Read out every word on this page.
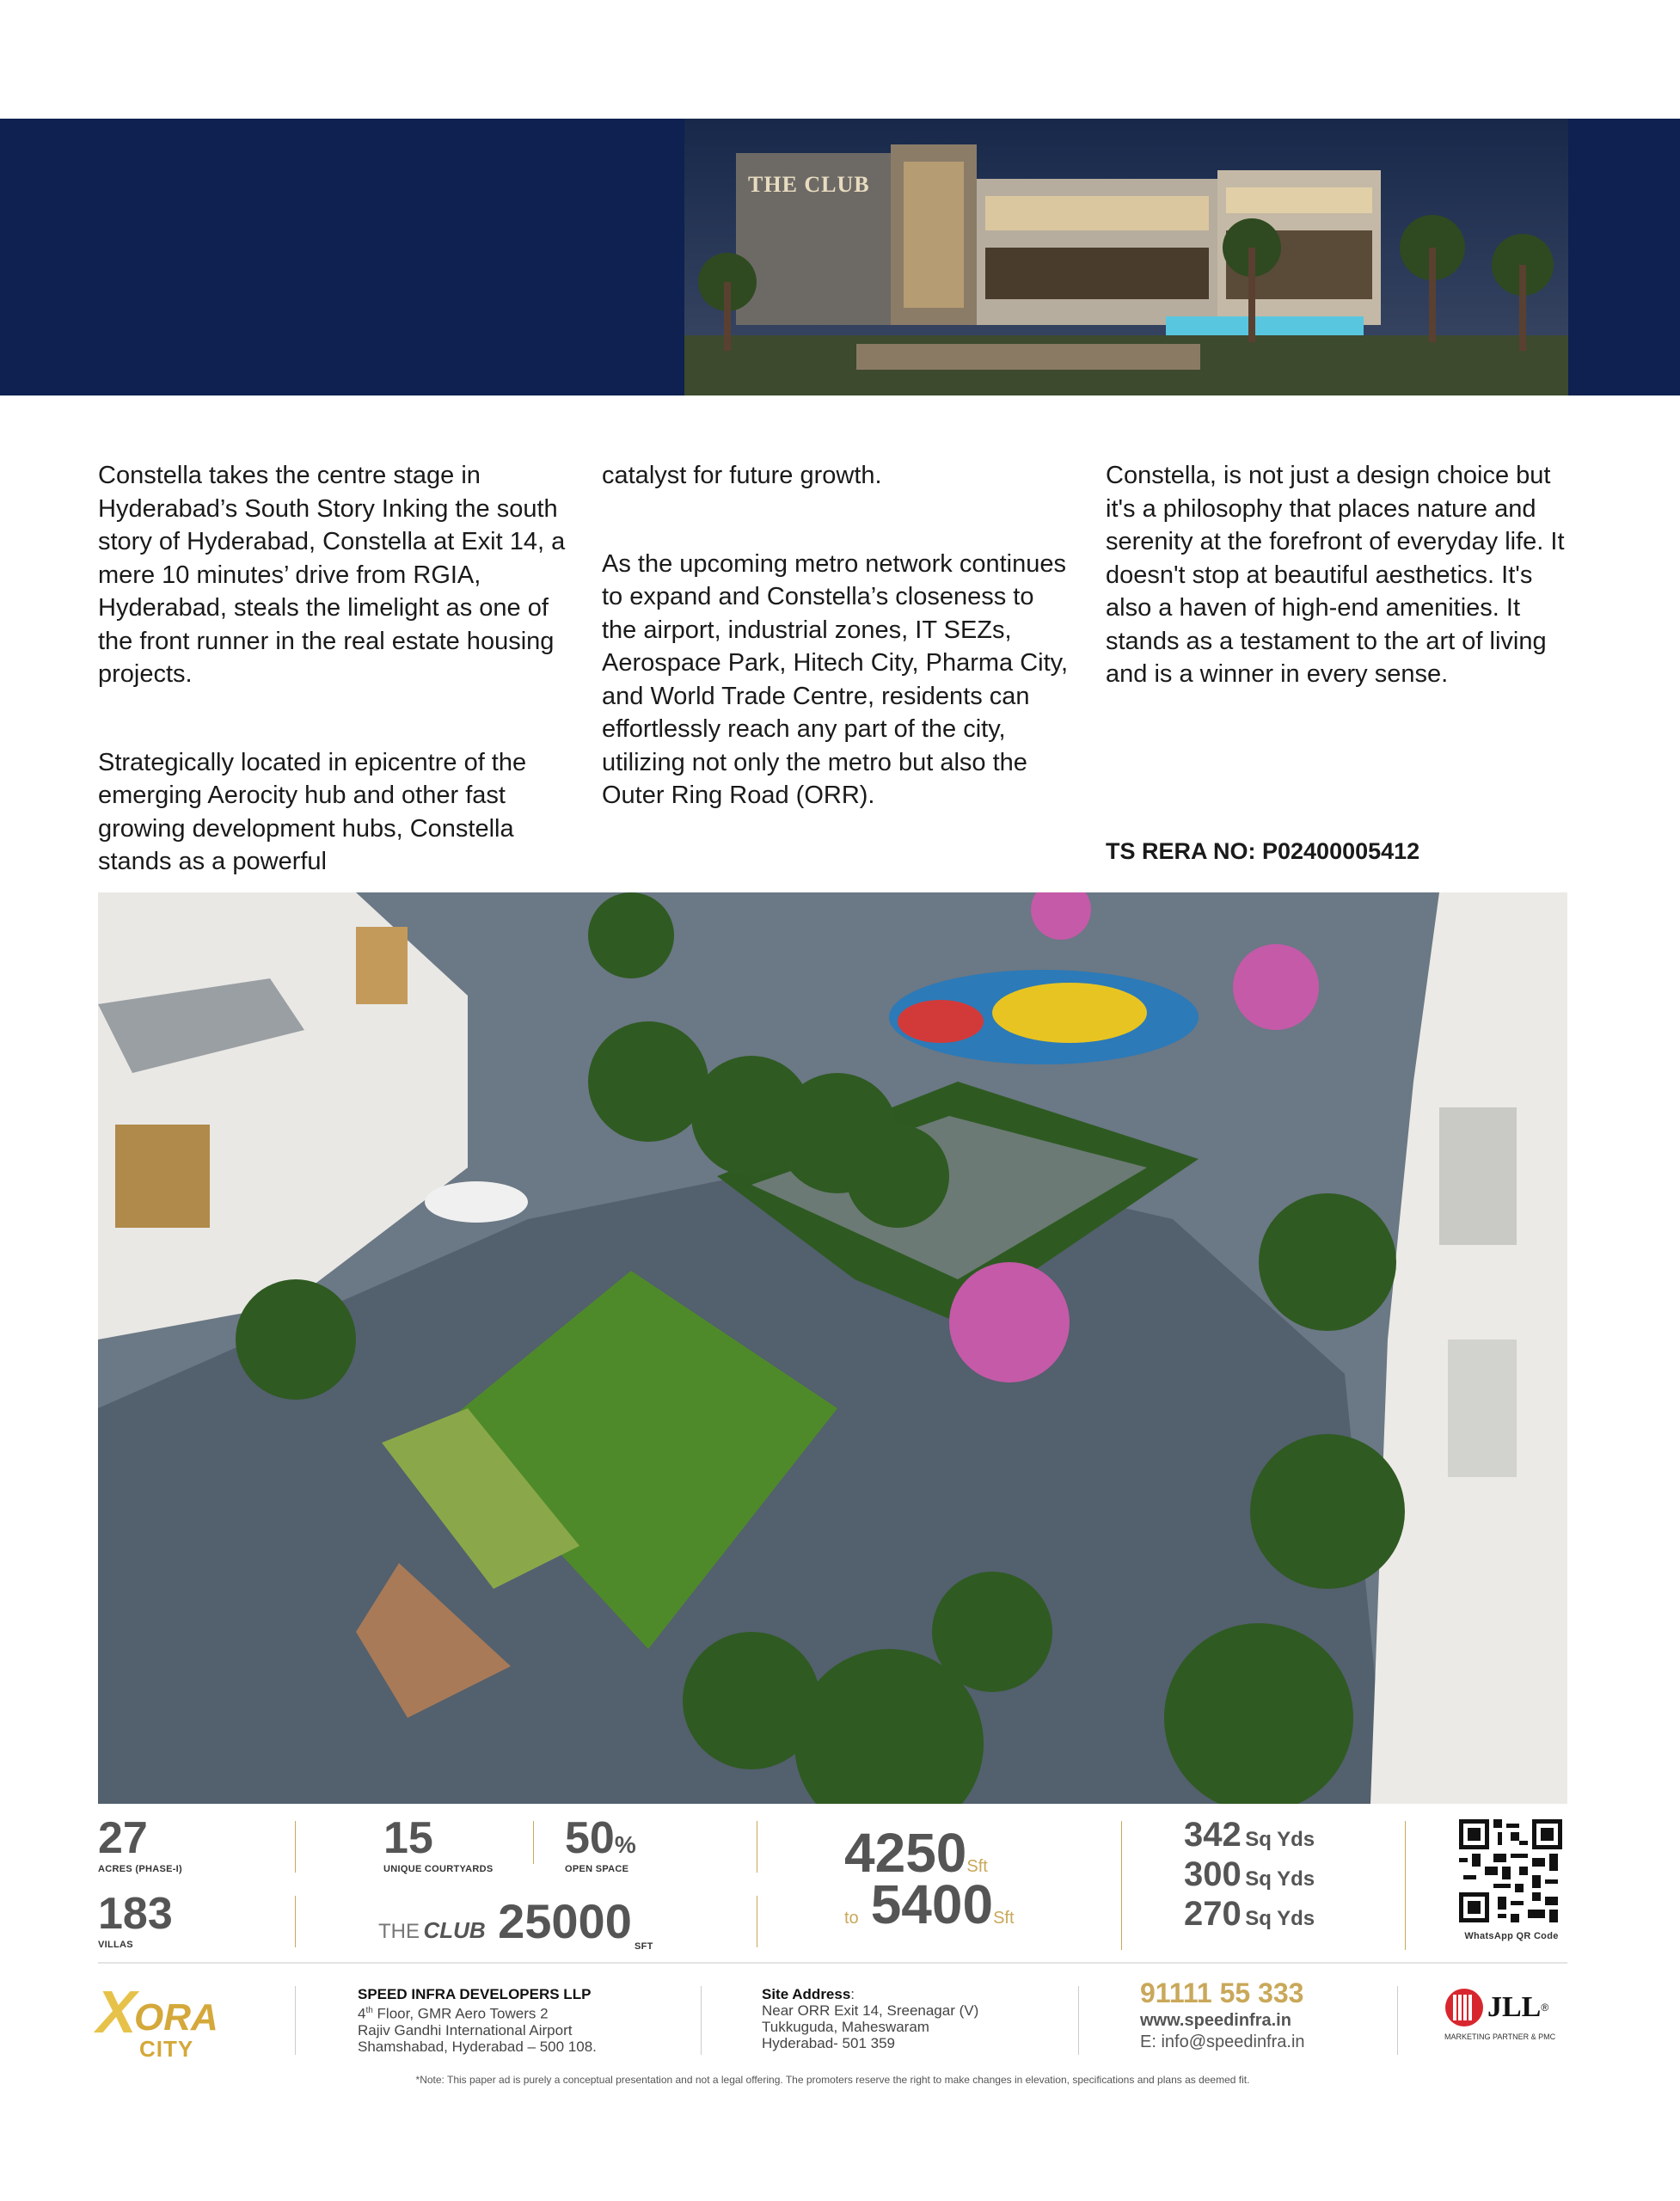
THE CLUB

Constella takes the centre stage in Hyderabad’s South Story Inking the south story of Hyderabad, Constella at Exit 14, a mere 10 minutes’ drive from RGIA, Hyderabad, steals the limelight as one of the front runner in the real estate housing projects.

Strategically located in epicentre of the emerging Aerocity hub and other fast growing development hubs, Constella stands as a powerful

catalyst for future growth.

As the upcoming metro network continues to expand and Constella’s closeness to the airport, industrial zones, IT SEZs, Aerospace Park, Hitech City, Pharma City, and World Trade Centre, residents can effortlessly reach any part of the city, utilizing not only the metro but also the Outer Ring Road (ORR).

Constella, is not just a design choice but it's a philosophy that places nature and serenity at the forefront of everyday life. It doesn't stop at beautiful aesthetics. It's also a haven of high-end amenities. It stands as a testament to the art of living and is a winner in every sense.

TS RERA NO: P02400005412
27
ACRES (PHASE-I)
183
VILLAS
15
UNIQUE COURTYARDS
50%
OPEN SPACE
THE CLUB 25000 SFT
4250Sft
to 5400Sft
342 Sq Yds
300 Sq Yds
270 Sq Yds
WhatsApp QR Code
X
ORA
CITY
SPEED INFRA DEVELOPERS LLP
4th Floor, GMR Aero Towers 2
Rajiv Gandhi International Airport
Shamshabad, Hyderabad – 500 108.
Site Address:
Near ORR Exit 14, Sreenagar (V)
Tukkuguda, Maheswaram
Hyderabad- 501 359
91111 55 333
www.speedinfra.in
E: info@speedinfra.in
JLL ®
MARKETING PARTNER & PMC
*Note: This paper ad is purely a conceptual presentation and not a legal offering. The promoters reserve the right to make changes in elevation, specifications and plans as deemed fit.
